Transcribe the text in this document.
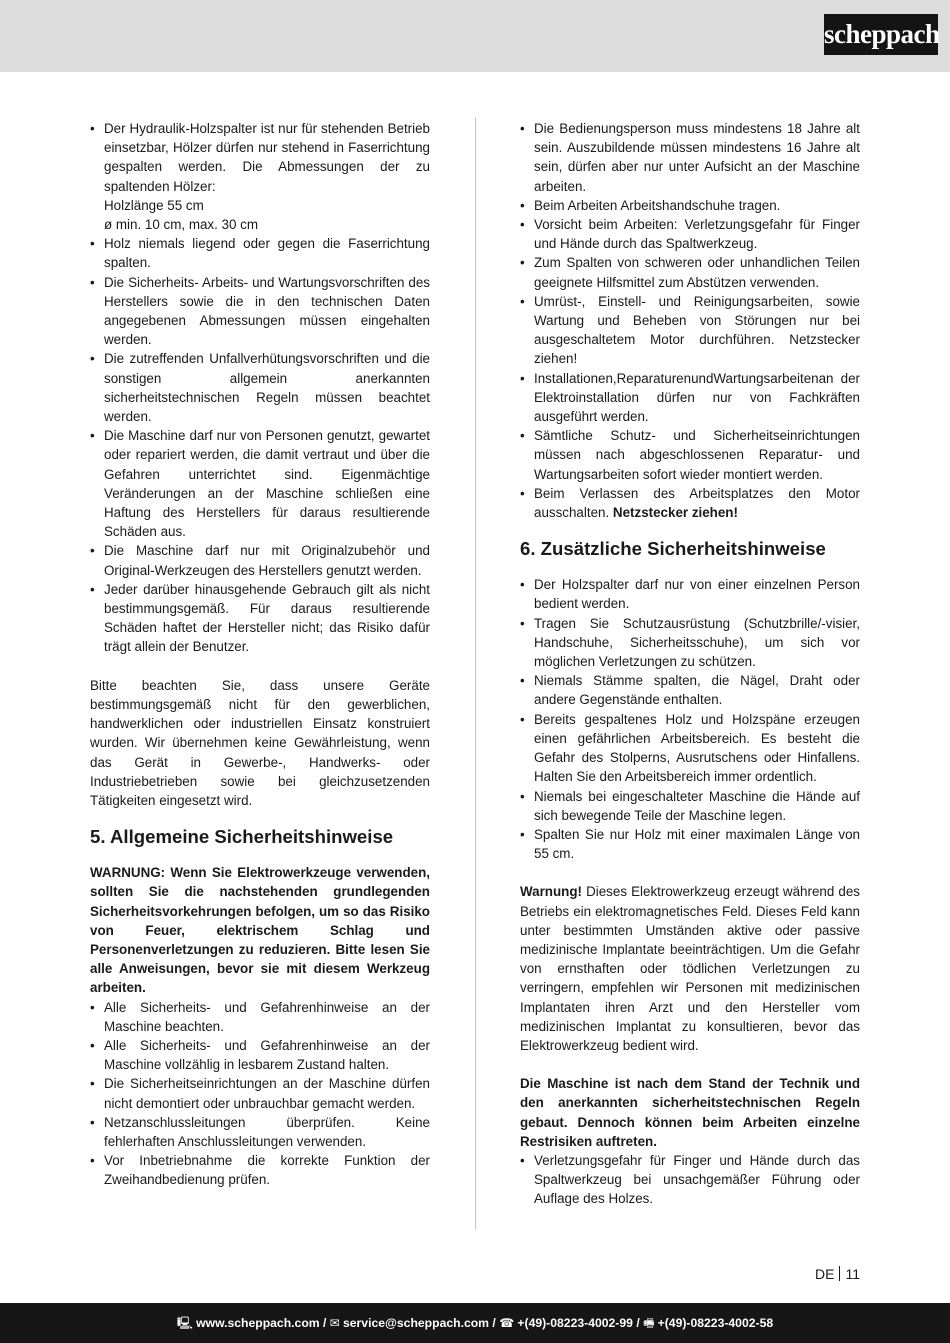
scheppach
• Der Hydraulik-Holzspalter ist nur für stehenden Betrieb einsetzbar, Hölzer dürfen nur stehend in Faserrichtung gespalten werden. Die Abmessungen der zu spaltenden Hölzer:
Holzlänge 55 cm
ø min. 10 cm, max. 30 cm
• Holz niemals liegend oder gegen die Faserrichtung spalten.
• Die Sicherheits- Arbeits- und Wartungsvorschriften des Herstellers sowie die in den technischen Daten angegebenen Abmessungen müssen eingehalten werden.
• Die zutreffenden Unfallverhütungsvorschriften und die sonstigen allgemein anerkannten sicherheitstechnischen Regeln müssen beachtet werden.
• Die Maschine darf nur von Personen genutzt, gewartet oder repariert werden, die damit vertraut und über die Gefahren unterrichtet sind. Eigenmächtige Veränderungen an der Maschine schließen eine Haftung des Herstellers für daraus resultierende Schäden aus.
• Die Maschine darf nur mit Originalzubehör und Original-Werkzeugen des Herstellers genutzt werden.
• Jeder darüber hinausgehende Gebrauch gilt als nicht bestimmungsgemäß. Für daraus resultierende Schäden haftet der Hersteller nicht; das Risiko dafür trägt allein der Benutzer.

Bitte beachten Sie, dass unsere Geräte bestimmungsgemäß nicht für den gewerblichen, handwerklichen oder industriellen Einsatz konstruiert wurden. Wir übernehmen keine Gewährleistung, wenn das Gerät in Gewerbe-, Handwerks- oder Industriebetrieben sowie bei gleichzusetzenden Tätigkeiten eingesetzt wird.

5. Allgemeine Sicherheitshinweise

WARNUNG: Wenn Sie Elektrowerkzeuge verwenden, sollten Sie die nachstehenden grundlegenden Sicherheitsvorkehrungen befolgen, um so das Risiko von Feuer, elektrischem Schlag und Personenverletzungen zu reduzieren. Bitte lesen Sie alle Anweisungen, bevor sie mit diesem Werkzeug arbeiten.

• Alle Sicherheits- und Gefahrenhinweise an der Maschine beachten.
• Alle Sicherheits- und Gefahrenhinweise an der Maschine vollzählig in lesbarem Zustand halten.
• Die Sicherheitseinrichtungen an der Maschine dürfen nicht demontiert oder unbrauchbar gemacht werden.
• Netzanschlussleitungen überprüfen. Keine fehlerhaften Anschlussleitungen verwenden.
• Vor Inbetriebnahme die korrekte Funktion der Zweihandbedienung prüfen.
• Die Bedienungsperson muss mindestens 18 Jahre alt sein. Auszubildende müssen mindestens 16 Jahre alt sein, dürfen aber nur unter Aufsicht an der Maschine arbeiten.
• Beim Arbeiten Arbeitshandschuhe tragen.
• Vorsicht beim Arbeiten: Verletzungsgefahr für Finger und Hände durch das Spaltwerkzeug.
• Zum Spalten von schweren oder unhandlichen Teilen geeignete Hilfsmittel zum Abstützen verwenden.
• Umrüst-, Einstell- und Reinigungsarbeiten, sowie Wartung und Beheben von Störungen nur bei ausgeschaltetem Motor durchführen. Netzstecker ziehen!
• Installationen,ReparaturenundWartungsarbeitenan der Elektroinstallation dürfen nur von Fachkräften ausgeführt werden.
• Sämtliche Schutz- und Sicherheitseinrichtungen müssen nach abgeschlossenen Reparatur- und Wartungsarbeiten sofort wieder montiert werden.
• Beim Verlassen des Arbeitsplatzes den Motor ausschalten. Netzstecker ziehen!
6. Zusätzliche Sicherheitshinweise
• Der Holzspalter darf nur von einer einzelnen Person bedient werden.
• Tragen Sie Schutzausrüstung (Schutzbrille/-visier, Handschuhe, Sicherheitsschuhe), um sich vor möglichen Verletzungen zu schützen.
• Niemals Stämme spalten, die Nägel, Draht oder andere Gegenstände enthalten.
• Bereits gespaltenes Holz und Holzspäne erzeugen einen gefährlichen Arbeitsbereich. Es besteht die Gefahr des Stolperns, Ausrutschens oder Hinfallens. Halten Sie den Arbeitsbereich immer ordentlich.
• Niemals bei eingeschalteter Maschine die Hände auf sich bewegende Teile der Maschine legen.
• Spalten Sie nur Holz mit einer maximalen Länge von 55 cm.

Warnung! Dieses Elektrowerkzeug erzeugt während des Betriebs ein elektromagnetisches Feld. Dieses Feld kann unter bestimmten Umständen aktive oder passive medizinische Implantate beeinträchtigen. Um die Gefahr von ernsthaften oder tödlichen Verletzungen zu verringern, empfehlen wir Personen mit medizinischen Implantaten ihren Arzt und den Hersteller vom medizinischen Implantat zu konsultieren, bevor das Elektrowerkzeug bedient wird.

Die Maschine ist nach dem Stand der Technik und den anerkannten sicherheitstechnischen Regeln gebaut. Dennoch können beim Arbeiten einzelne Restrisiken auftreten.

• Verletzungsgefahr für Finger und Hände durch das Spaltwerkzeug bei unsachgemäßer Führung oder Auflage des Holzes.
DE 11
🖳 www.scheppach.com / ✉ service@scheppach.com / ☎ +(49)-08223-4002-99 / 🖷 +(49)-08223-4002-58
